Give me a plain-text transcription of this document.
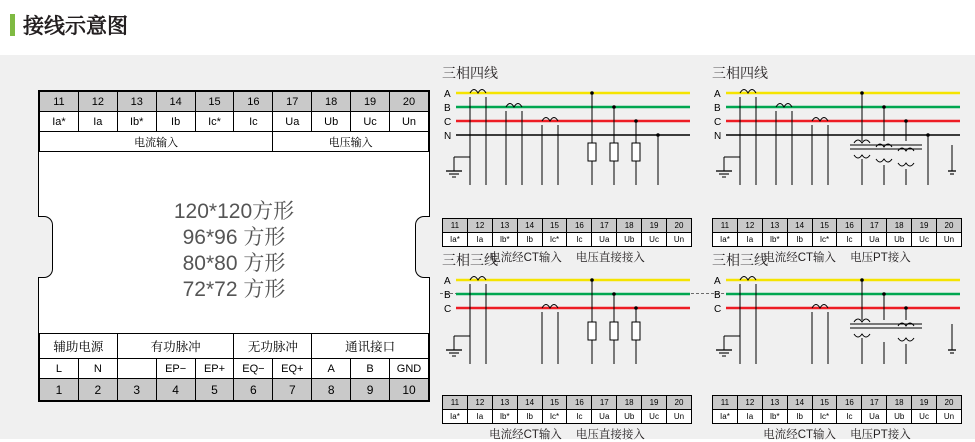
接线示意图
11	12	13	14	15	16	17	18	19	20
Ia*	Ia	Ib*	Ib	Ic*	Ic	Ua	Ub	Uc	Un
电流输入						电压输入			
120*120方形
96*96 方形
80*80 方形
72*72 方形
辅助电源		有功脉冲			无功脉冲		通讯接口		
L	N		EP−	EP+	EQ−	EQ+	A	B	GND
1	2	3	4	5	6	7	8	9	10
三相四线
A
B
C
N
11	12	13	14	15	16	17	18	19	20
Ia*	Ia	Ib*	Ib	Ic*	Ic	Ua	Ub	Uc	Un
电流经CT输入 电压直接接入
三相四线
A
B
C
N
11	12	13	14	15	16	17	18	19	20
Ia*	Ia	Ib*	Ib	Ic*	Ic	Ua	Ub	Uc	Un
电流经CT输入 电压PT接入
三相三线
A
B
C
11	12	13	14	15	16	17	18	19	20
Ia*	Ia	Ib*	Ib	Ic*	Ic	Ua	Ub	Uc	Un
电流经CT输入 电压直接接入
三相三线
A
B
C
11	12	13	14	15	16	17	18	19	20
Ia*	Ia	Ib*	Ib	Ic*	Ic	Ua	Ub	Uc	Un
电流经CT输入 电压PT接入
